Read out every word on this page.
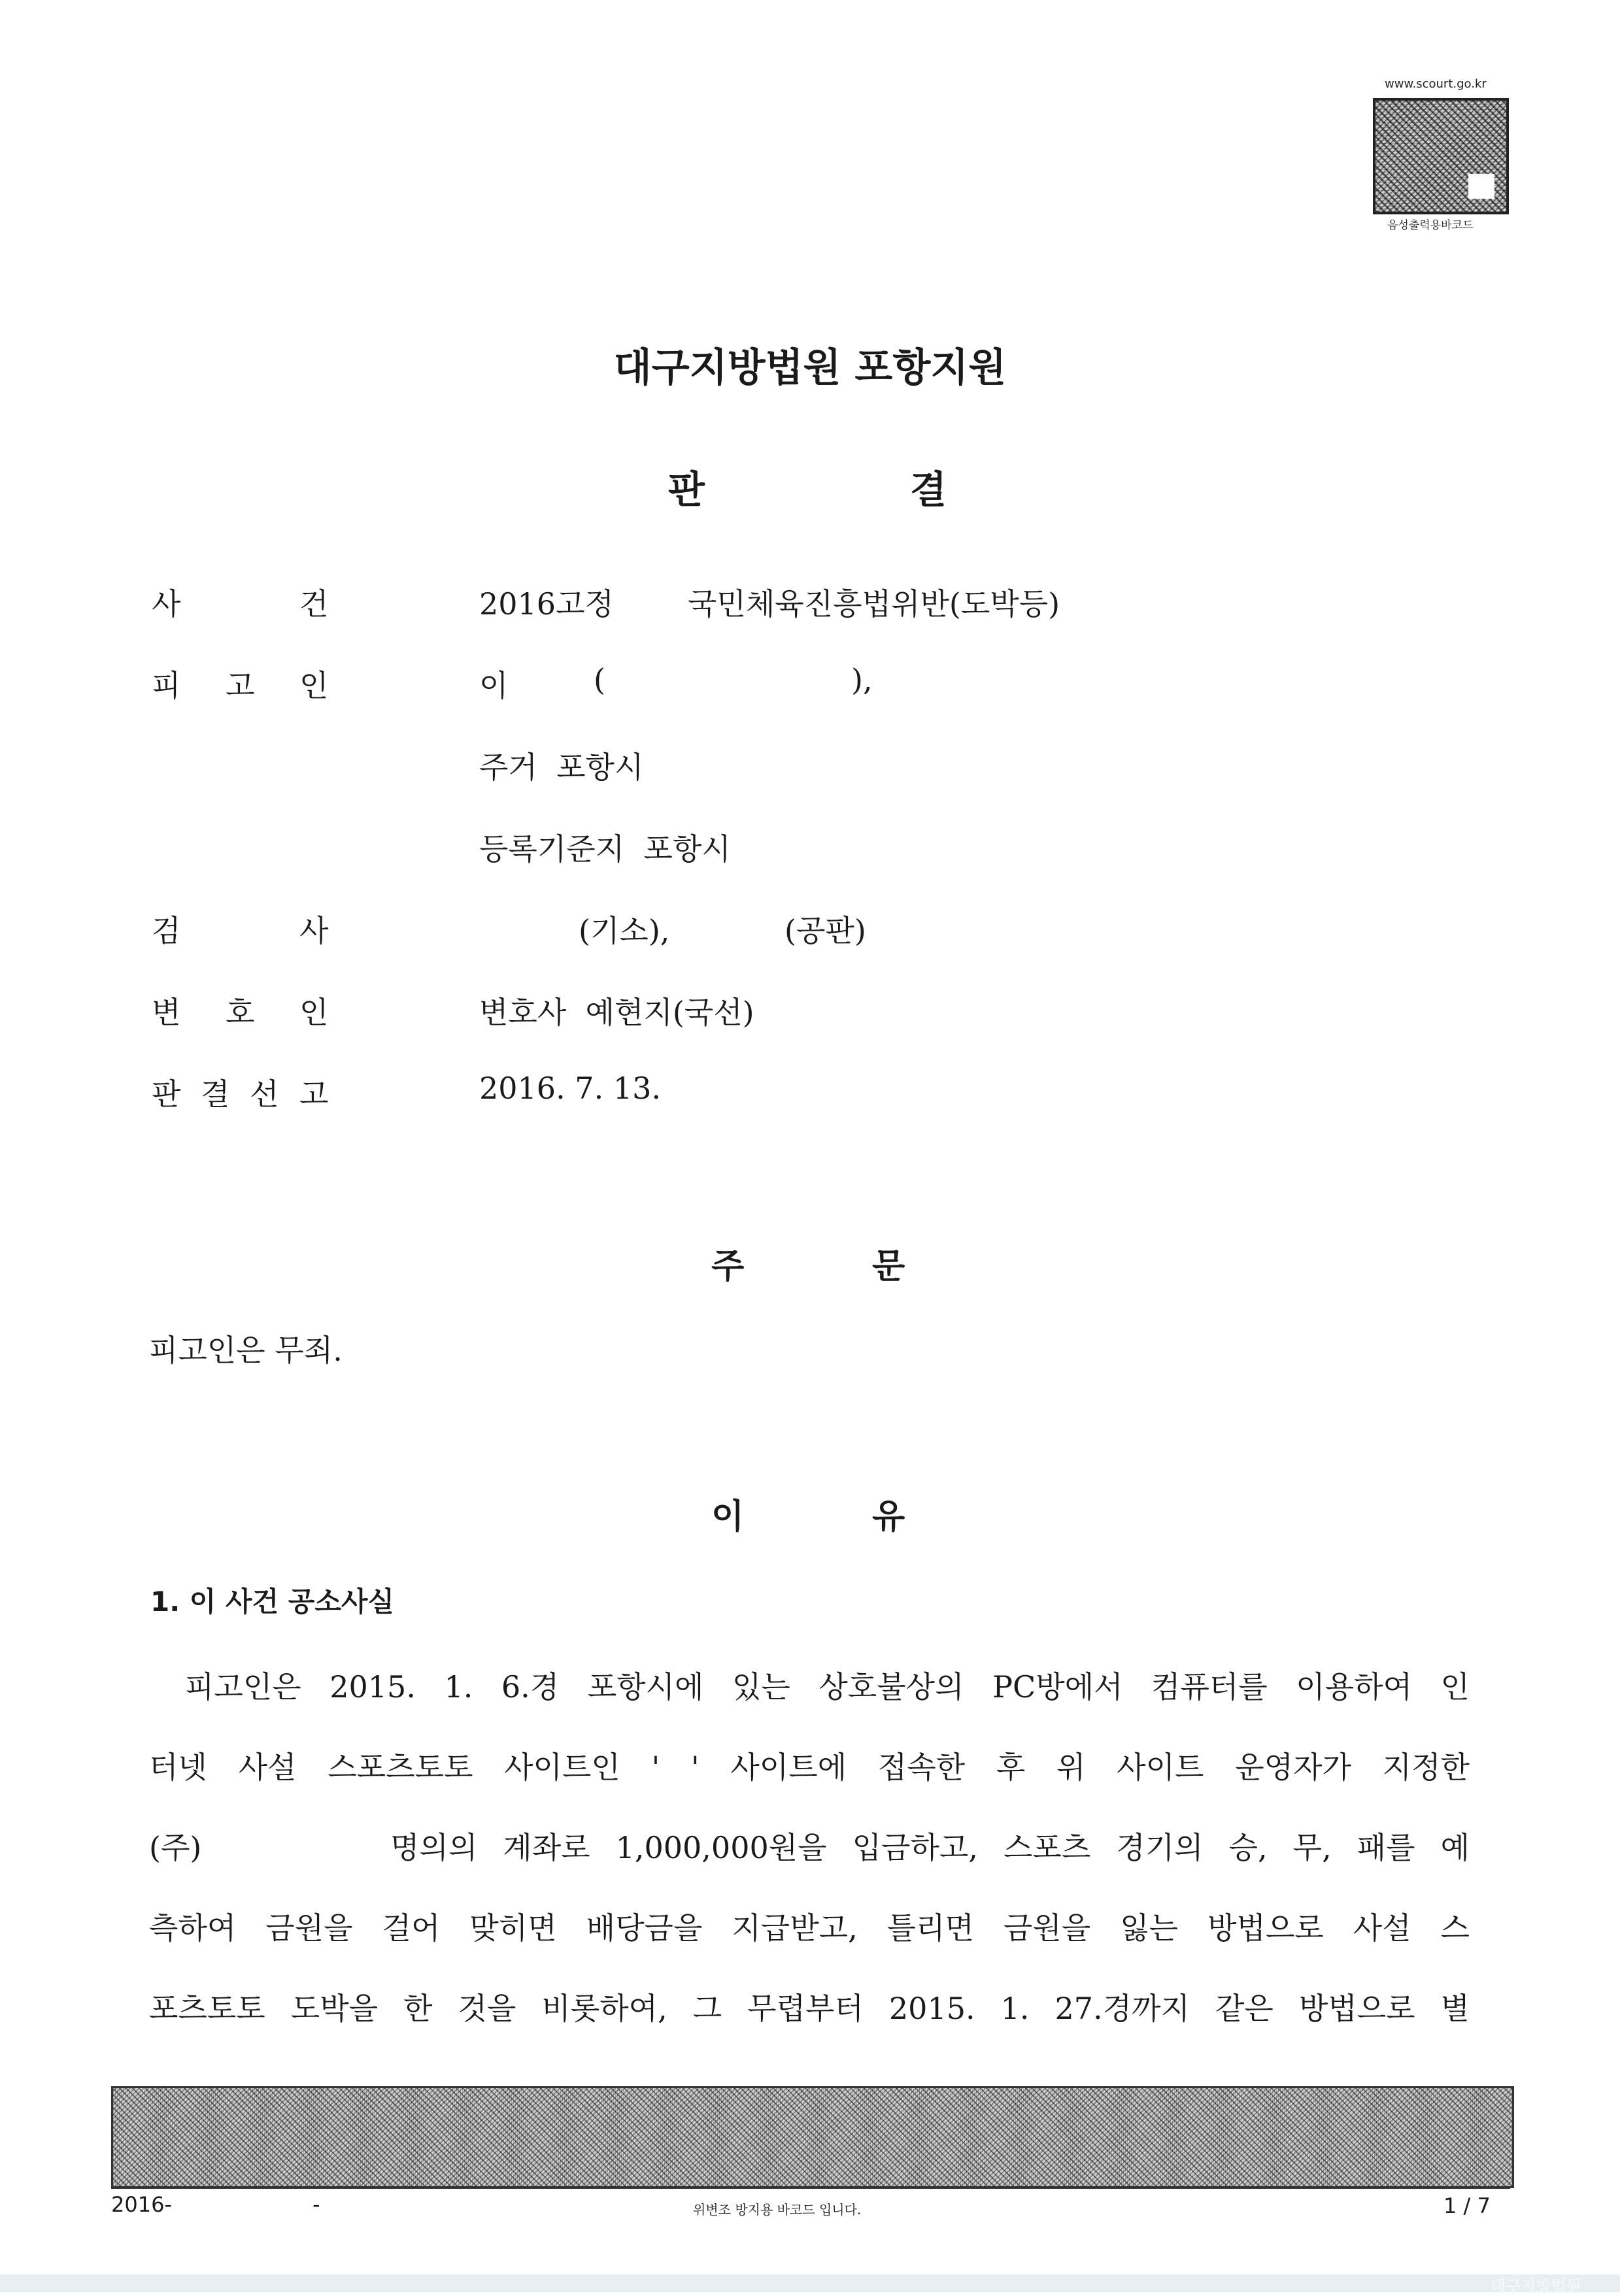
www.scourt.go.kr
음성출력용바코드
대구지방법원 포항지원
판	결
사	건	2016고정 국민체육진흥법위반(도박등)
피 고 인	이	(	),
주거  포항시
등록기준지  포항시
검	사	(기소),	(공판)
변 호 인	변호사  예현지(국선)
판 결 선 고	2016. 7. 13.
주	문
피고인은 무죄.
이	유
1. 이 사건 공소사실
피고인은 2015. 1. 6.경 포항시에 있는 상호불상의 PC방에서 컴퓨터를 이용하여 인
터넷 사설 스포츠토토 사이트인 ' ' 사이트에 접속한 후 위 사이트 운영자가 지정한
(주)	명의의 계좌로 1,000,000원을 입금하고, 스포츠 경기의 승, 무, 패를 예
측하여 금원을 걸어 맞히면 배당금을 지급받고, 틀리면 금원을 잃는 방법으로 사설 스
포츠토토 도박을 한 것을 비롯하여, 그 무렵부터 2015. 1. 27.경까지 같은 방법으로 별
2016-	-	위변조 방지용 바코드 입니다.	1 / 7
대구지방법원
